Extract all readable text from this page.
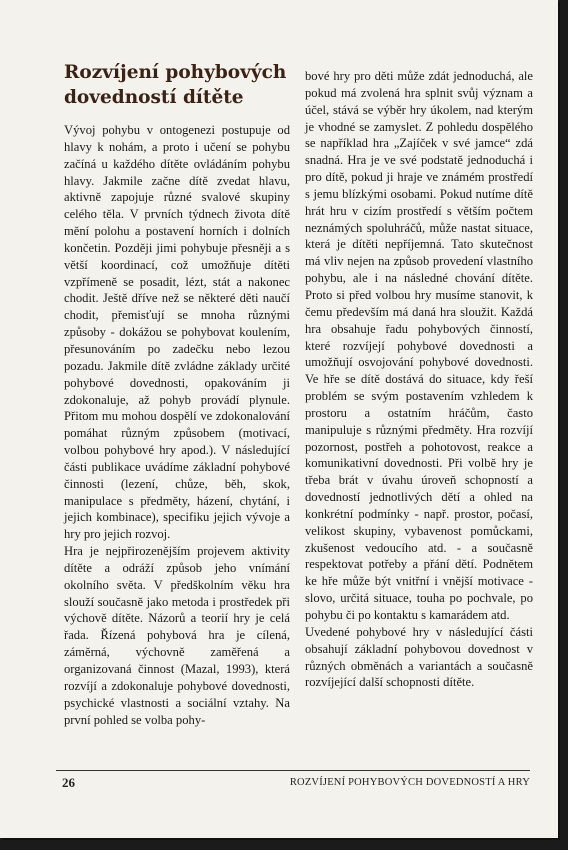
Rozvíjení pohybových
dovedností dítěte

Vývoj pohybu v ontogenezi postupuje od hlavy k nohám, a proto i učení se pohybu začíná u každého dítěte ovládáním pohybu hlavy. Jakmile začne dítě zvedat hlavu, aktivně zapojuje různé svalové skupiny celého těla. V prvních týdnech života dítě mění polohu a postavení horních i dolních končetin. Později jimi pohybuje přesněji a s větší koordinací, což umožňuje dítěti vzpřímeně se posadit, lézt, stát a nakonec chodit. Ještě dříve než se některé děti naučí chodit, přemisťují se mnoha různými způsoby - dokážou se pohybovat koulením, přesunováním po zadečku nebo lezou pozadu. Jakmile dítě zvládne základy určité pohybové dovednosti, opakováním ji zdokonaluje, až pohyb provádí plynule. Přitom mu mohou dospělí ve zdokonalování pomáhat různým způsobem (motivací, volbou pohybové hry apod.). V následující části publikace uvádíme základní pohybové činnosti (lezení, chůze, běh, skok, manipulace s předměty, házení, chytání, i jejich kombinace), specifiku jejich vývoje a hry pro jejich rozvoj.

Hra je nejpřirozenějším projevem aktivity dítěte a odráží způsob jeho vnímání okolního světa. V předškolním věku hra slouží současně jako metoda i prostředek při výchově dítěte. Názorů a teorií hry je celá řada. Řízená pohybová hra je cílená, záměrná, výchovně zaměřená a organizovaná činnost (Mazal, 1993), která rozvíjí a zdokonaluje pohybové dovednosti, psychické vlastnosti a sociální vztahy. Na první pohled se volba pohy-

bové hry pro děti může zdát jednoduchá, ale pokud má zvolená hra splnit svůj význam a účel, stává se výběr hry úkolem, nad kterým je vhodné se zamyslet. Z pohledu dospělého se například hra „Zajíček v své jamce“ zdá snadná. Hra je ve své podstatě jednoduchá i pro dítě, pokud ji hraje ve známém prostředí s jemu blízkými osobami. Pokud nutíme dítě hrát hru v cizím prostředí s větším počtem neznámých spoluhráčů, může nastat situace, která je dítěti nepříjemná. Tato skutečnost má vliv nejen na způsob provedení vlastního pohybu, ale i na následné chování dítěte. Proto si před volbou hry musíme stanovit, k čemu především má daná hra sloužit. Každá hra obsahuje řadu pohybových činností, které rozvíjejí pohybové dovednosti a umožňují osvojování pohybové dovednosti. Ve hře se dítě dostává do situace, kdy řeší problém se svým postavením vzhledem k prostoru a ostatním hráčům, často manipuluje s různými předměty. Hra rozvíjí pozornost, postřeh a pohotovost, reakce a komunikativní dovednosti. Při volbě hry je třeba brát v úvahu úroveň schopností a dovedností jednotlivých dětí a ohled na konkrétní podmínky - např. prostor, počasí, velikost skupiny, vybavenost pomůckami, zkušenost vedoucího atd. - a současně respektovat potřeby a přání dětí. Podnětem ke hře může být vnitřní i vnější motivace - slovo, určitá situace, touha po pochvale, po pohybu či po kontaktu s kamarádem atd.

Uvedené pohybové hry v následující části obsahují základní pohybovou dovednost v různých obměnách a variantách a současně rozvíjející další schopnosti dítěte.

26	ROZVÍJENÍ POHYBOVÝCH DOVEDNOSTÍ A HRY
